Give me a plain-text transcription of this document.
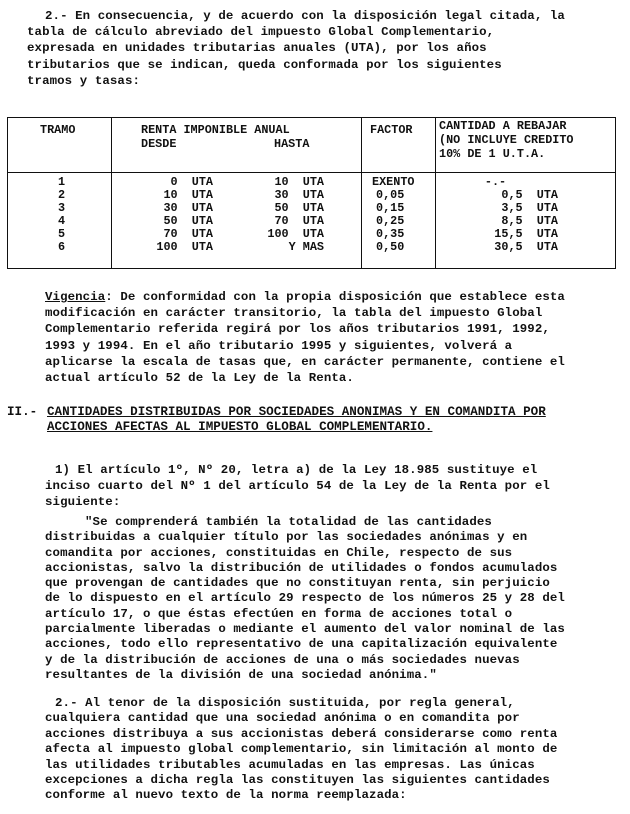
2.- En consecuencia, y de acuerdo con la disposición legal citada, la
tabla de cálculo abreviado del impuesto Global Complementario,
expresada en unidades tributarias anuales (UTA), por los años
tributarios que se indican, queda conformada por los siguientes
tramos y tasas:
TRAMO	RENTA IMPONIBLE ANUAL
DESDE	HASTA
FACTOR CANTIDAD A REBAJAR
(NO INCLUYE CREDITO
10% DE 1 U.T.A.
1
2
3
4
5
6
0  UTA
10  UTA
30  UTA
50  UTA
70  UTA
100  UTA
10  UTA
30  UTA
50  UTA
70  UTA
100  UTA
Y MAS
EXENTO
0,05
0,15
0,25
0,35
0,50
-.-
0,5  UTA
3,5  UTA
8,5  UTA
15,5  UTA
30,5  UTA
Vigencia: De conformidad con la propia disposición que establece esta
modificación en carácter transitorio, la tabla del impuesto Global
Complementario referida regirá por los años tributarios 1991, 1992,
1993 y 1994. En el año tributario 1995 y siguientes, volverá a
aplicarse la escala de tasas que, en carácter permanente, contiene el
actual artículo 52 de la Ley de la Renta.
II.- CANTIDADES DISTRIBUIDAS POR SOCIEDADES ANONIMAS Y EN COMANDITA POR
ACCIONES AFECTAS AL IMPUESTO GLOBAL COMPLEMENTARIO.
1) El artículo 1º, Nº 20, letra a) de la Ley 18.985 sustituye el
inciso cuarto del Nº 1 del artículo 54 de la Ley de la Renta por el
siguiente:
"Se comprenderá también la totalidad de las cantidades
distribuidas a cualquier título por las sociedades anónimas y en
comandita por acciones, constituidas en Chile, respecto de sus
accionistas, salvo la distribución de utilidades o fondos acumulados
que provengan de cantidades que no constituyan renta, sin perjuicio
de lo dispuesto en el artículo 29 respecto de los números 25 y 28 del
artículo 17, o que éstas efectúen en forma de acciones total o
parcialmente liberadas o mediante el aumento del valor nominal de las
acciones, todo ello representativo de una capitalización equivalente
y de la distribución de acciones de una o más sociedades nuevas
resultantes de la división de una sociedad anónima."
2.- Al tenor de la disposición sustituida, por regla general,
cualquiera cantidad que una sociedad anónima o en comandita por
acciones distribuya a sus accionistas deberá considerarse como renta
afecta al impuesto global complementario, sin limitación al monto de
las utilidades tributables acumuladas en las empresas. Las únicas
excepciones a dicha regla las constituyen las siguientes cantidades
conforme al nuevo texto de la norma reemplazada:
